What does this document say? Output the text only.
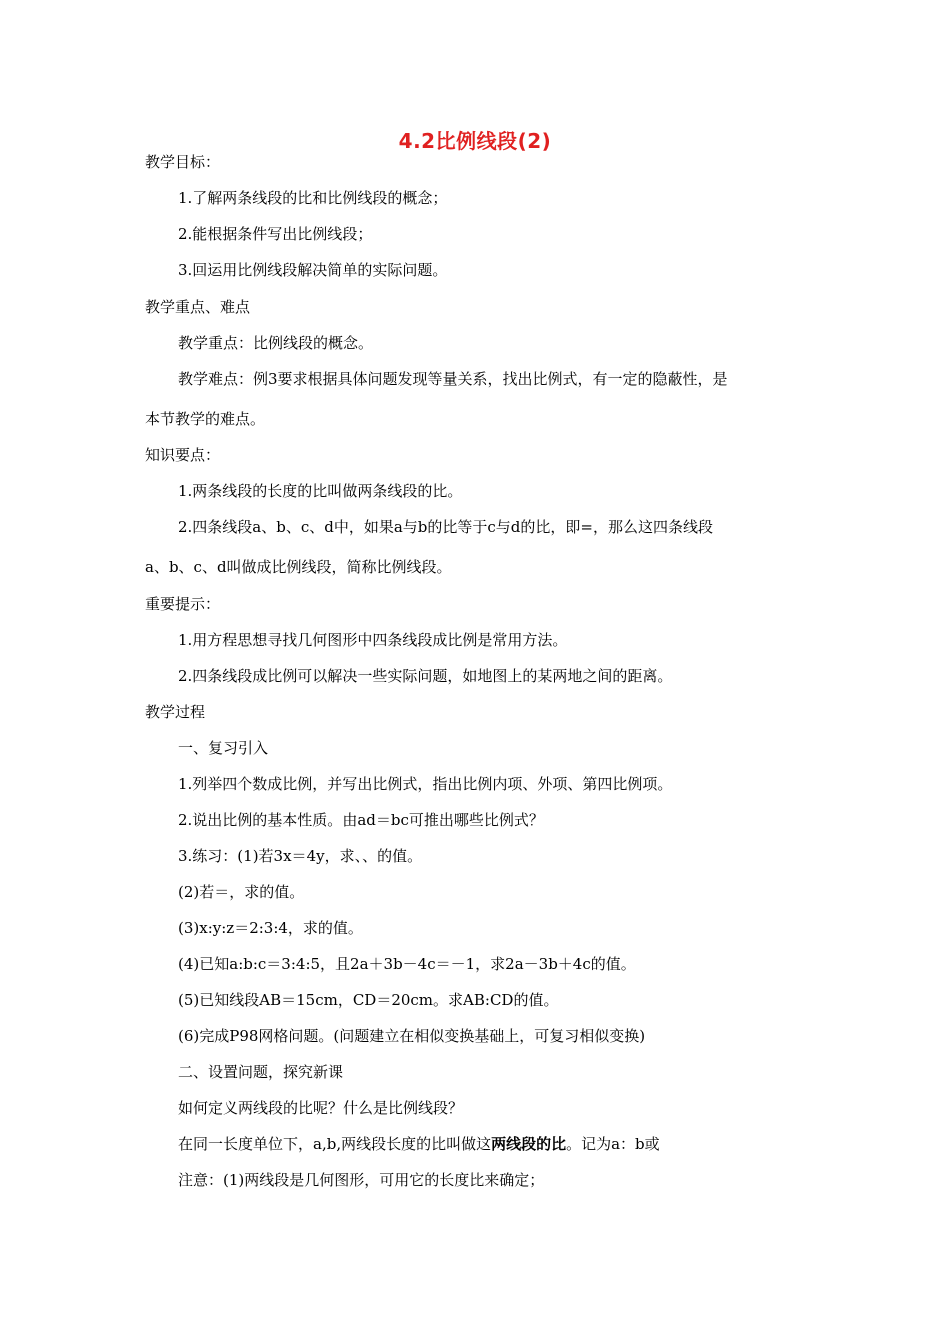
4.2比例线段(2)
教学目标：
1.了解两条线段的比和比例线段的概念；
2.能根据条件写出比例线段；
3.回运用比例线段解决简单的实际问题。
教学重点、难点
教学重点：比例线段的概念。
教学难点：例3要求根据具体问题发现等量关系，找出比例式，有一定的隐蔽性，是
本节教学的难点。
知识要点：
1.两条线段的长度的比叫做两条线段的比。
2.四条线段a、b、c、d中，如果a与b的比等于c与d的比，即=，那么这四条线段
a、b、c、d叫做成比例线段，简称比例线段。
重要提示：
1.用方程思想寻找几何图形中四条线段成比例是常用方法。
2.四条线段成比例可以解决一些实际问题，如地图上的某两地之间的距离。
教学过程
一、复习引入
1.列举四个数成比例，并写出比例式，指出比例内项、外项、第四比例项。
2.说出比例的基本性质。由ad＝bc可推出哪些比例式？
3.练习：(1)若3x＝4y，求、、的值。
(2)若＝，求的值。
(3)x:y:z＝2:3:4，求的值。
(4)已知a:b:c＝3:4:5，且2a＋3b－4c＝－1，求2a－3b＋4c的值。
(5)已知线段AB＝15cm，CD＝20cm。求AB:CD的值。
(6)完成P98网格问题。(问题建立在相似变换基础上，可复习相似变换)
二、设置问题，探究新课
如何定义两线段的比呢？什么是比例线段？
在同一长度单位下，a,b,两线段长度的比叫做这两线段的比。记为a：b或
注意：(1)两线段是几何图形，可用它的长度比来确定；
